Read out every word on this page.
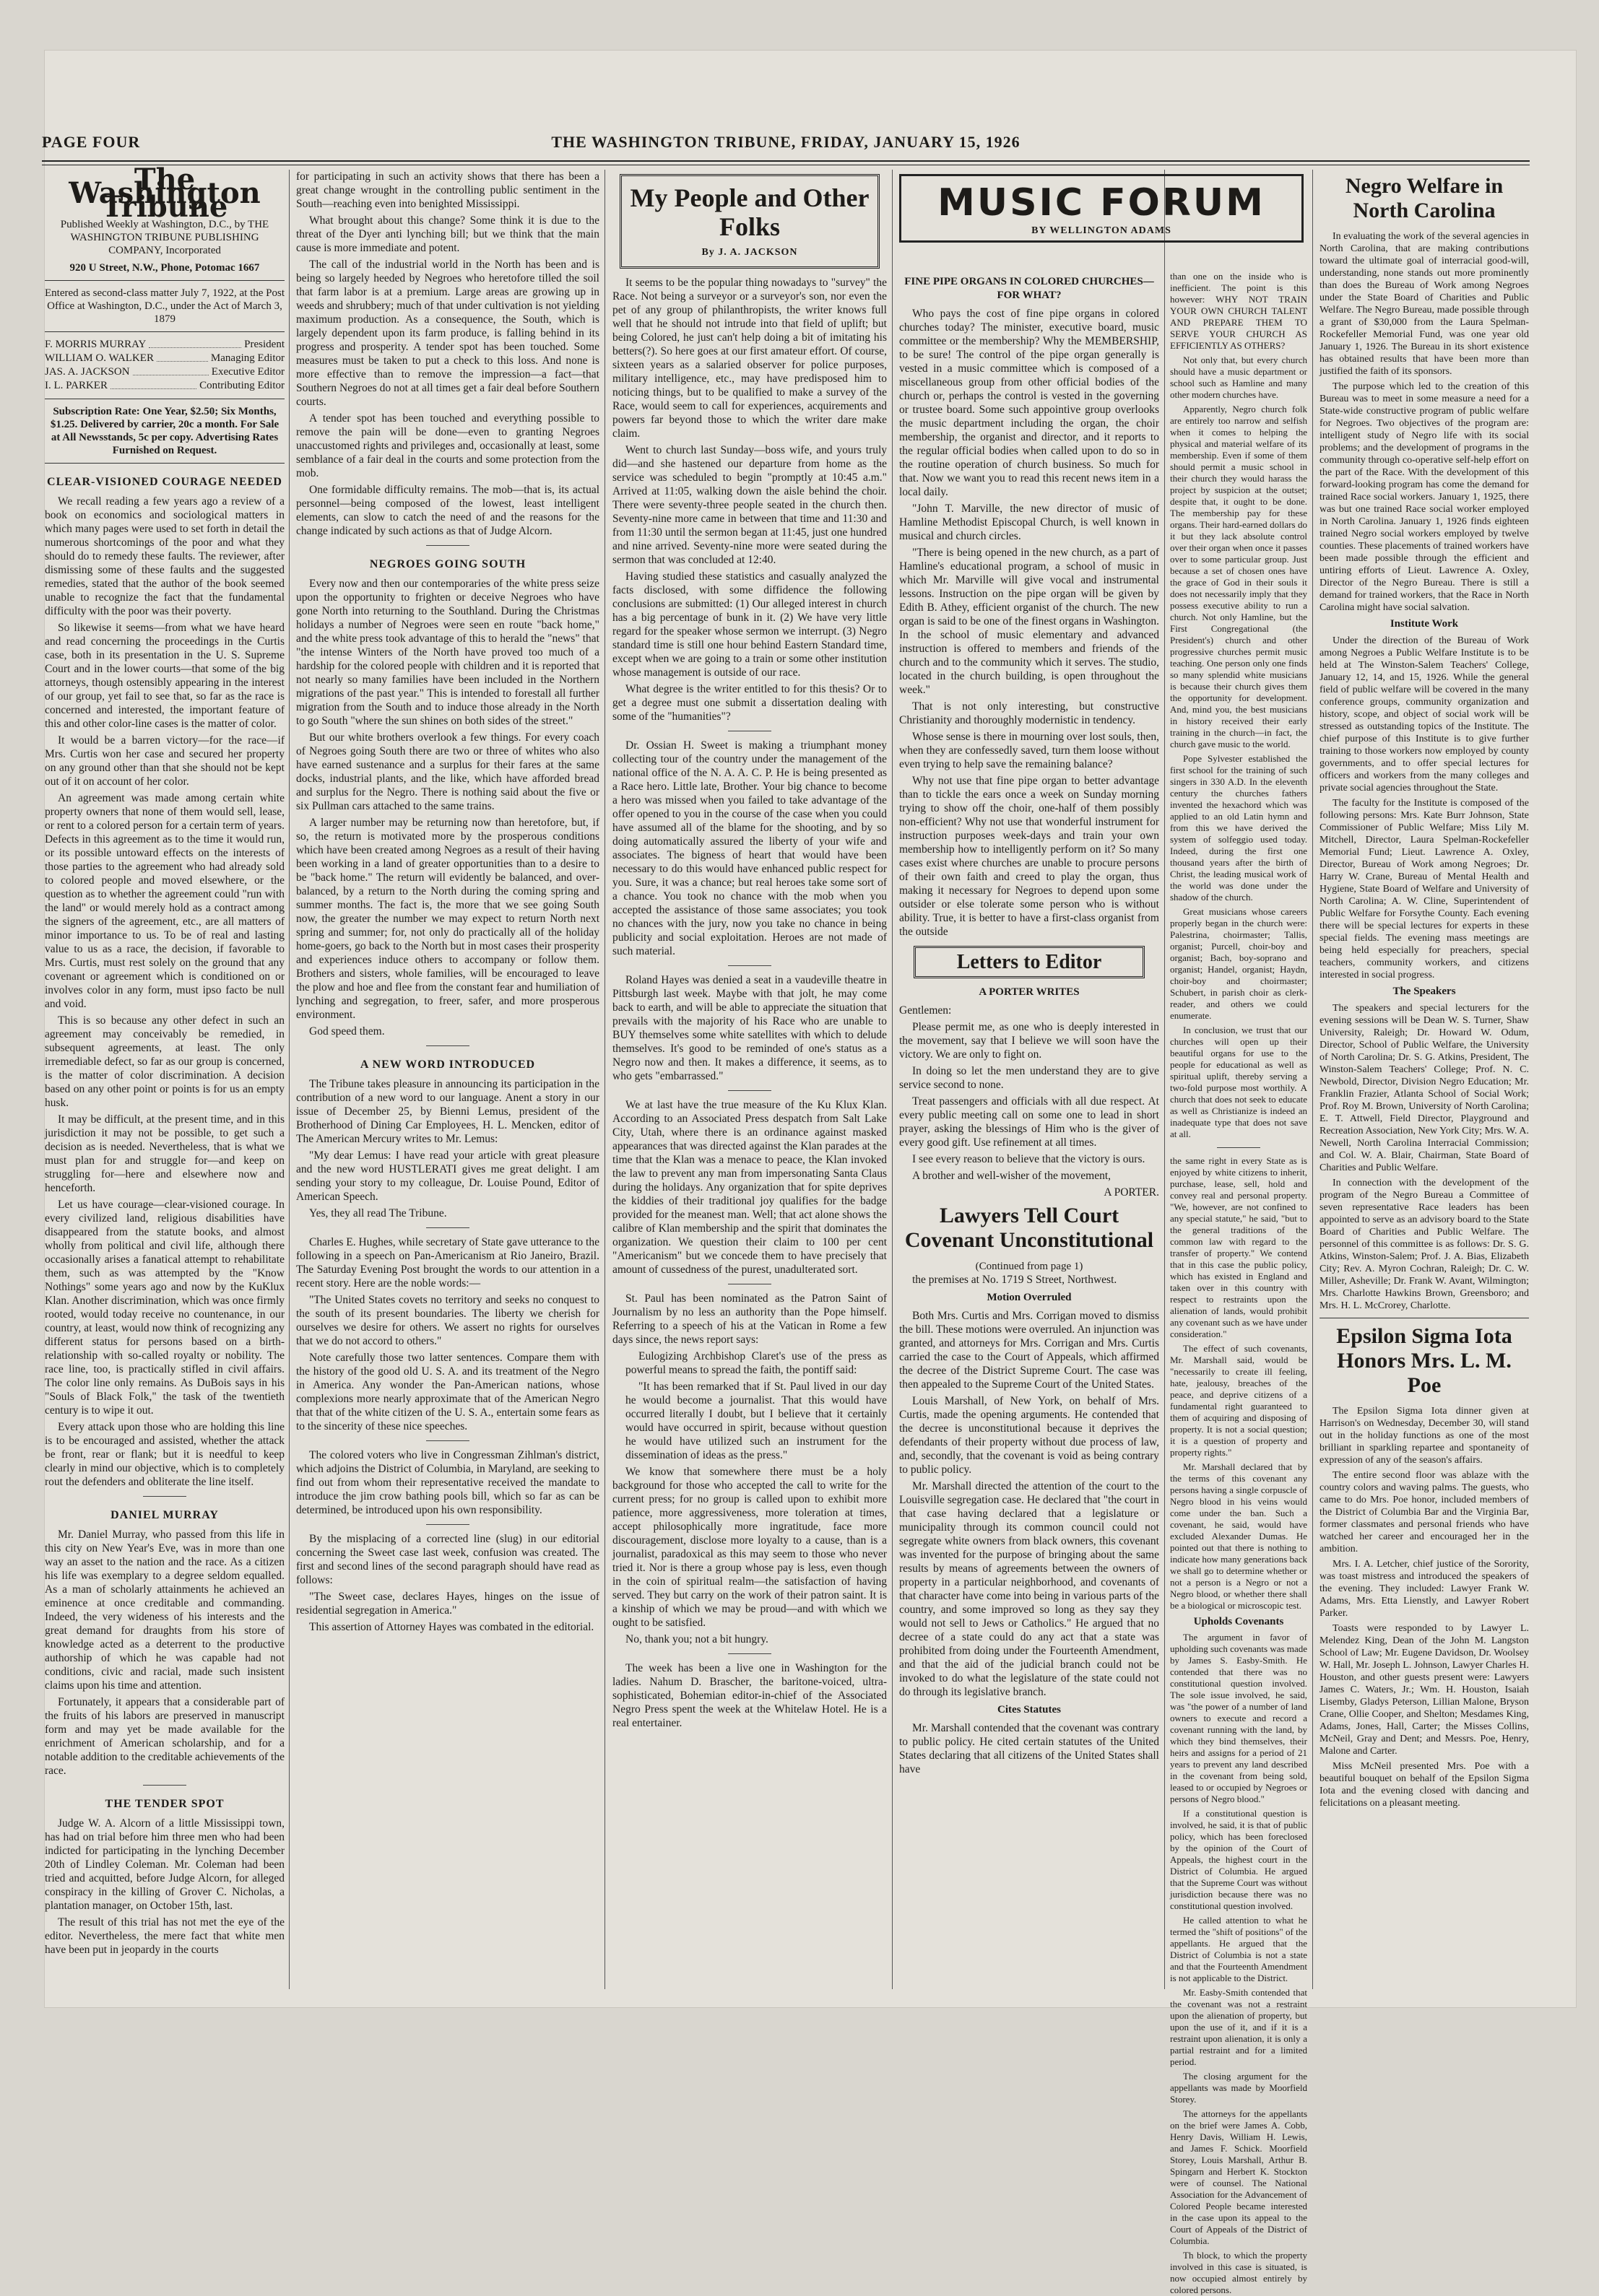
PAGE FOUR	THE WASHINGTON TRIBUNE, FRIDAY, JANUARY 15, 1926
The Washington Tribune
Published Weekly at Washington, D.C., by THE WASHINGTON TRIBUNE PUBLISHING COMPANY, Incorporated
920 U Street, N.W., Phone, Potomac 1667
Entered as second-class matter July 7, 1922, at the Post Office at Washington, D.C., under the Act of March 3, 1879
F. MORRIS MURRAY	President
WILLIAM O. WALKER	Managing Editor
JAS. A. JACKSON	Executive Editor
I. L. PARKER	Contributing Editor
Subscription Rate: One Year, $2.50; Six Months, $1.25. Delivered by carrier, 20c a month. For Sale at All Newsstands, 5c per copy. Advertising Rates Furnished on Request.
CLEAR-VISIONED COURAGE NEEDED

We recall reading a few years ago a review of a book on economics and sociological matters in which many pages were used to set forth in detail the numerous shortcomings of the poor and what they should do to remedy these faults. The reviewer, after dismissing some of these faults and the suggested remedies, stated that the author of the book seemed unable to recognize the fact that the fundamental difficulty with the poor was their poverty.

So likewise it seems—from what we have heard and read concerning the proceedings in the Curtis case, both in its presentation in the U. S. Supreme Court and in the lower courts—that some of the big attorneys, though ostensibly appearing in the interest of our group, yet fail to see that, so far as the race is concerned and interested, the important feature of this and other color-line cases is the matter of color.

It would be a barren victory—for the race—if Mrs. Curtis won her case and secured her property on any ground other than that she should not be kept out of it on account of her color.

An agreement was made among certain white property owners that none of them would sell, lease, or rent to a colored person for a certain term of years. Defects in this agreement as to the time it would run, or its possible untoward effects on the interests of those parties to the agreement who had already sold to colored people and moved elsewhere, or the question as to whether the agreement could "run with the land" or would merely hold as a contract among the signers of the agreement, etc., are all matters of minor importance to us. To be of real and lasting value to us as a race, the decision, if favorable to Mrs. Curtis, must rest solely on the ground that any covenant or agreement which is conditioned on or involves color in any form, must ipso facto be null and void.

This is so because any other defect in such an agreement may conceivably be remedied, in subsequent agreements, at least. The only irremediable defect, so far as our group is concerned, is the matter of color discrimination. A decision based on any other point or points is for us an empty husk.

It may be difficult, at the present time, and in this jurisdiction it may not be possible, to get such a decision as is needed. Nevertheless, that is what we must plan for and struggle for—and keep on struggling for—here and elsewhere now and henceforth.

Let us have courage—clear-visioned courage. In every civilized land, religious disabilities have disappeared from the statute books, and almost wholly from political and civil life, although there occasionally arises a fanatical attempt to rehabilitate them, such as was attempted by the "Know Nothings" some years ago and now by the KuKlux Klan. Another discrimination, which was once firmly rooted, would today receive no countenance, in our country, at least, would now think of recognizing any different status for persons based on a birth-relationship with so-called royalty or nobility. The race line, too, is practically stifled in civil affairs. The color line only remains. As DuBois says in his "Souls of Black Folk," the task of the twentieth century is to wipe it out.

Every attack upon those who are holding this line is to be encouraged and assisted, whether the attack be front, rear or flank; but it is needful to keep clearly in mind our objective, which is to completely rout the defenders and obliterate the line itself.

DANIEL MURRAY

Mr. Daniel Murray, who passed from this life in this city on New Year's Eve, was in more than one way an asset to the nation and the race. As a citizen his life was exemplary to a degree seldom equalled. As a man of scholarly attainments he achieved an eminence at once creditable and commanding. Indeed, the very wideness of his interests and the great demand for draughts from his store of knowledge acted as a deterrent to the productive authorship of which he was capable had not conditions, civic and racial, made such insistent claims upon his time and attention.

Fortunately, it appears that a considerable part of the fruits of his labors are preserved in manuscript form and may yet be made available for the enrichment of American scholarship, and for a notable addition to the creditable achievements of the race.

THE TENDER SPOT

Judge W. A. Alcorn of a little Mississippi town, has had on trial before him three men who had been indicted for participating in the lynching December 20th of Lindley Coleman. Mr. Coleman had been tried and acquitted, before Judge Alcorn, for alleged conspiracy in the killing of Grover C. Nicholas, a plantation manager, on October 15th, last.

The result of this trial has not met the eye of the editor. Nevertheless, the mere fact that white men have been put in jeopardy in the courts

for participating in such an activity shows that there has been a great change wrought in the controlling public sentiment in the South—reaching even into benighted Mississippi.

What brought about this change? Some think it is due to the threat of the Dyer anti lynching bill; but we think that the main cause is more immediate and potent.

The call of the industrial world in the North has been and is being so largely heeded by Negroes who heretofore tilled the soil that farm labor is at a premium. Large areas are growing up in weeds and shrubbery; much of that under cultivation is not yielding maximum production. As a consequence, the South, which is largely dependent upon its farm produce, is falling behind in its progress and prosperity. A tender spot has been touched. Some measures must be taken to put a check to this loss. And none is more effective than to remove the impression—a fact—that Southern Negroes do not at all times get a fair deal before Southern courts.

A tender spot has been touched and everything possible to remove the pain will be done—even to granting Negroes unaccustomed rights and privileges and, occasionally at least, some semblance of a fair deal in the courts and some protection from the mob.

One formidable difficulty remains. The mob—that is, its actual personnel—being composed of the lowest, least intelligent elements, can slow to catch the need of and the reasons for the change indicated by such actions as that of Judge Alcorn.

NEGROES GOING SOUTH

Every now and then our contemporaries of the white press seize upon the opportunity to frighten or deceive Negroes who have gone North into returning to the Southland. During the Christmas holidays a number of Negroes were seen en route "back home," and the white press took advantage of this to herald the "news" that "the intense Winters of the North have proved too much of a hardship for the colored people with children and it is reported that not nearly so many families have been included in the Northern migrations of the past year." This is intended to forestall all further migration from the South and to induce those already in the North to go South "where the sun shines on both sides of the street."

But our white brothers overlook a few things. For every coach of Negroes going South there are two or three of whites who also have earned sustenance and a surplus for their fares at the same docks, industrial plants, and the like, which have afforded bread and surplus for the Negro. There is nothing said about the five or six Pullman cars attached to the same trains.

A larger number may be returning now than heretofore, but, if so, the return is motivated more by the prosperous conditions which have been created among Negroes as a result of their having been working in a land of greater opportunities than to a desire to be "back home." The return will evidently be balanced, and over-balanced, by a return to the North during the coming spring and summer months. The fact is, the more that we see going South now, the greater the number we may expect to return North next spring and summer; for, not only do practically all of the holiday home-goers, go back to the North but in most cases their prosperity and experiences induce others to accompany or follow them. Brothers and sisters, whole families, will be encouraged to leave the plow and hoe and flee from the constant fear and humiliation of lynching and segregation, to freer, safer, and more prosperous environment.

God speed them.

A NEW WORD INTRODUCED

The Tribune takes pleasure in announcing its participation in the contribution of a new word to our language. Anent a story in our issue of December 25, by Bienni Lemus, president of the Brotherhood of Dining Car Employees, H. L. Mencken, editor of The American Mercury writes to Mr. Lemus:

"My dear Lemus: I have read your article with great pleasure and the new word HUSTLERATI gives me great delight. I am sending your story to my colleague, Dr. Louise Pound, Editor of American Speech.

Yes, they all read The Tribune.

Charles E. Hughes, while secretary of State gave utterance to the following in a speech on Pan-Americanism at Rio Janeiro, Brazil. The Saturday Evening Post brought the words to our attention in a recent story. Here are the noble words:—

"The United States covets no territory and seeks no conquest to the south of its present boundaries. The liberty we cherish for ourselves we desire for others. We assert no rights for ourselves that we do not accord to others."

Note carefully those two latter sentences. Compare them with the history of the good old U. S. A. and its treatment of the Negro in America. Any wonder the Pan-American nations, whose complexions more nearly approximate that of the American Negro that that of the white citizen of the U. S. A., entertain some fears as to the sincerity of these nice speeches.

The colored voters who live in Congressman Zihlman's district, which adjoins the District of Columbia, in Maryland, are seeking to find out from whom their representative received the mandate to introduce the jim crow bathing pools bill, which so far as can be determined, be introduced upon his own responsibility.

By the misplacing of a corrected line (slug) in our editorial concerning the Sweet case last week, confusion was created. The first and second lines of the second paragraph should have read as follows:

"The Sweet case, declares Hayes, hinges on the issue of residential segregation in America."

This assertion of Attorney Hayes was combated in the editorial.

My People and Other Folks
By J. A. JACKSON

It seems to be the popular thing nowadays to "survey" the Race. Not being a surveyor or a surveyor's son, nor even the pet of any group of philanthropists, the writer knows full well that he should not intrude into that field of uplift; but being Colored, he just can't help doing a bit of imitating his betters(?). So here goes at our first amateur effort. Of course, sixteen years as a salaried observer for police purposes, military intelligence, etc., may have predisposed him to noticing things, but to be qualified to make a survey of the Race, would seem to call for experiences, acquirements and powers far beyond those to which the writer dare make claim.

Went to church last Sunday—boss wife, and yours truly did—and she hastened our departure from home as the service was scheduled to begin "promptly at 10:45 a.m." Arrived at 11:05, walking down the aisle behind the choir. There were seventy-three people seated in the church then. Seventy-nine more came in between that time and 11:30 and from 11:30 until the sermon began at 11:45, just one hundred and nine arrived. Seventy-nine more were seated during the sermon that was concluded at 12:40.

Having studied these statistics and casually analyzed the facts disclosed, with some diffidence the following conclusions are submitted: (1) Our alleged interest in church has a big percentage of bunk in it. (2) We have very little regard for the speaker whose sermon we interrupt. (3) Negro standard time is still one hour behind Eastern Standard time, except when we are going to a train or some other institution whose management is outside of our race.

What degree is the writer entitled to for this thesis? Or to get a degree must one submit a dissertation dealing with some of the "humanities"?

Dr. Ossian H. Sweet is making a triumphant money collecting tour of the country under the management of the national office of the N. A. A. C. P. He is being presented as a Race hero. Little late, Brother. Your big chance to become a hero was missed when you failed to take advantage of the offer opened to you in the course of the case when you could have assumed all of the blame for the shooting, and by so doing automatically assured the liberty of your wife and associates. The bigness of heart that would have been necessary to do this would have enhanced public respect for you. Sure, it was a chance; but real heroes take some sort of a chance. You took no chance with the mob when you accepted the assistance of those same associates; you took no chances with the jury, now you take no chance in being publicity and social exploitation. Heroes are not made of such material.

Roland Hayes was denied a seat in a vaudeville theatre in Pittsburgh last week. Maybe with that jolt, he may come back to earth, and will be able to appreciate the situation that prevails with the majority of his Race who are unable to BUY themselves some white satellites with which to delude themselves. It's good to be reminded of one's status as a Negro now and then. It makes a difference, it seems, as to who gets "embarrassed."

We at last have the true measure of the Ku Klux Klan. According to an Associated Press despatch from Salt Lake City, Utah, where there is an ordinance against masked appearances that was directed against the Klan parades at the time that the Klan was a menace to peace, the Klan invoked the law to prevent any man from impersonating Santa Claus during the holidays. Any organization that for spite deprives the kiddies of their traditional joy qualifies for the badge provided for the meanest man. Well; that act alone shows the calibre of Klan membership and the spirit that dominates the organization. We question their claim to 100 per cent "Americanism" but we concede them to have precisely that amount of cussedness of the purest, unadulterated sort.

St. Paul has been nominated as the Patron Saint of Journalism by no less an authority than the Pope himself. Referring to a speech of his at the Vatican in Rome a few days since, the news report says:

Eulogizing Archbishop Claret's use of the press as powerful means to spread the faith, the pontiff said:

"It has been remarked that if St. Paul lived in our day he would become a journalist. That this would have occurred literally I doubt, but I believe that it certainly would have occurred in spirit, because without question he would have utilized such an instrument for the dissemination of ideas as the press."

We know that somewhere there must be a holy background for those who accepted the call to write for the current press; for no group is called upon to exhibit more patience, more aggressiveness, more toleration at times, accept philosophically more ingratitude, face more discouragement, disclose more loyalty to a cause, than is a journalist, paradoxical as this may seem to those who never tried it. Nor is there a group whose pay is less, even though in the coin of spiritual realm—the satisfaction of having served. They but carry on the work of their patron saint. It is a kinship of which we may be proud—and with which we ought to be satisfied.

No, thank you; not a bit hungry.

The week has been a live one in Washington for the ladies. Nahum D. Brascher, the baritone-voiced, ultra-sophisticated, Bohemian editor-in-chief of the Associated Negro Press spent the week at the Whitelaw Hotel. He is a real entertainer.

MUSIC FORUM
BY WELLINGTON ADAMS
FINE PIPE ORGANS IN COLORED CHURCHES—FOR WHAT?

Who pays the cost of fine pipe organs in colored churches today? The minister, executive board, music committee or the membership? Why the MEMBERSHIP, to be sure! The control of the pipe organ generally is vested in a music committee which is composed of a miscellaneous group from other official bodies of the church or, perhaps the control is vested in the governing or trustee board. Some such appointive group overlooks the music department including the organ, the choir membership, the organist and director, and it reports to the regular official bodies when called upon to do so in the routine operation of church business. So much for that. Now we want you to read this recent news item in a local daily.

"John T. Marville, the new director of music of Hamline Methodist Episcopal Church, is well known in musical and church circles.

"There is being opened in the new church, as a part of Hamline's educational program, a school of music in which Mr. Marville will give vocal and instrumental lessons. Instruction on the pipe organ will be given by Edith B. Athey, efficient organist of the church. The new organ is said to be one of the finest organs in Washington. In the school of music elementary and advanced instruction is offered to members and friends of the church and to the community which it serves. The studio, located in the church building, is open throughout the week."

That is not only interesting, but constructive Christianity and thoroughly modernistic in tendency.

Whose sense is there in mourning over lost souls, then, when they are confessedly saved, turn them loose without even trying to help save the remaining balance?

Why not use that fine pipe organ to better advantage than to tickle the ears once a week on Sunday morning trying to show off the choir, one-half of them possibly non-efficient? Why not use that wonderful instrument for instruction purposes week-days and train your own membership how to intelligently perform on it? So many cases exist where churches are unable to procure persons of their own faith and creed to play the organ, thus making it necessary for Negroes to depend upon some outsider or else tolerate some person who is without ability. True, it is better to have a first-class organist from the outside

Letters to Editor
A PORTER WRITES

Gentlemen:

Please permit me, as one who is deeply interested in the movement, say that I believe we will soon have the victory. We are only to fight on.

In doing so let the men understand they are to give service second to none.

Treat passengers and officials with all due respect. At every public meeting call on some one to lead in short prayer, asking the blessings of Him who is the giver of every good gift. Use refinement at all times.

I see every reason to believe that the victory is ours.

A brother and well-wisher of the movement,

A PORTER.

Lawyers Tell Court Covenant Unconstitutional
(Continued from page 1)

the premises at No. 1719 S Street, Northwest.

Motion Overruled

Both Mrs. Curtis and Mrs. Corrigan moved to dismiss the bill. These motions were overruled. An injunction was granted, and attorneys for Mrs. Corrigan and Mrs. Curtis carried the case to the Court of Appeals, which affirmed the decree of the District Supreme Court. The case was then appealed to the Supreme Court of the United States.

Louis Marshall, of New York, on behalf of Mrs. Curtis, made the opening arguments. He contended that the decree is unconstitutional because it deprives the defendants of their property without due process of law, and, secondly, that the covenant is void as being contrary to public policy.

Mr. Marshall directed the attention of the court to the Louisville segregation case. He declared that "the court in that case having declared that a legislature or municipality through its common council could not segregate white owners from black owners, this covenant was invented for the purpose of bringing about the same results by means of agreements between the owners of property in a particular neighborhood, and covenants of that character have come into being in various parts of the country, and some improved so long as they say they would not sell to Jews or Catholics." He argued that no decree of a state could do any act that a state was prohibited from doing under the Fourteenth Amendment, and that the aid of the judicial branch could not be invoked to do what the legislature of the state could not do through its legislative branch.

Cites Statutes

Mr. Marshall contended that the covenant was contrary to public policy. He cited certain statutes of the United States declaring that all citizens of the United States shall have

than one on the inside who is inefficient. The point is this however: WHY NOT TRAIN YOUR OWN CHURCH TALENT AND PREPARE THEM TO SERVE YOUR CHURCH AS EFFICIENTLY AS OTHERS?

Not only that, but every church should have a music department or school such as Hamline and many other modern churches have.

Apparently, Negro church folk are entirely too narrow and selfish when it comes to helping the physical and material welfare of its membership. Even if some of them should permit a music school in their church they would harass the project by suspicion at the outset; despite that, it ought to be done. The membership pay for these organs. Their hard-earned dollars do it but they lack absolute control over their organ when once it passes over to some particular group. Just because a set of chosen ones have the grace of God in their souls it does not necessarily imply that they possess executive ability to run a church. Not only Hamline, but the First Congregational (the President's) church and other progressive churches permit music teaching. One person only one finds so many splendid white musicians is because their church gives them the opportunity for development. And, mind you, the best musicians in history received their early training in the church—in fact, the church gave music to the world.

Pope Sylvester established the first school for the training of such singers in 330 A.D. In the eleventh century the churches fathers invented the hexachord which was applied to an old Latin hymn and from this we have derived the system of solfeggio used today. Indeed, during the first one thousand years after the birth of Christ, the leading musical work of the world was done under the shadow of the church.

Great musicians whose careers properly began in the church were: Palestrina, choirmaster; Tallis, organist; Purcell, choir-boy and organist; Bach, boy-soprano and organist; Handel, organist; Haydn, choir-boy and choirmaster; Schubert, in parish choir as clerk-reader, and others we could enumerate.

In conclusion, we trust that our churches will open up their beautiful organs for use to the people for educational as well as spiritual uplift, thereby serving a two-fold purpose most worthily. A church that does not seek to educate as well as Christianize is indeed an inadequate type that does not save at all.

the same right in every State as is enjoyed by white citizens to inherit, purchase, lease, sell, hold and convey real and personal property. "We, however, are not confined to any special statute," he said, "but to the general traditions of the common law with regard to the transfer of property." We contend that in this case the public policy, which has existed in England and taken over in this country with respect to restraints upon the alienation of lands, would prohibit any covenant such as we have under consideration."

The effect of such covenants, Mr. Marshall said, would be "necessarily to create ill feeling, hate, jealousy, breaches of the peace, and deprive citizens of a fundamental right guaranteed to them of acquiring and disposing of property. It is not a social question; it is a question of property and property rights."

Mr. Marshall declared that by the terms of this covenant any persons having a single corpuscle of Negro blood in his veins would come under the ban. Such a covenant, he said, would have excluded Alexander Dumas. He pointed out that there is nothing to indicate how many generations back we shall go to determine whether or not a person is a Negro or not a Negro blood, or whether there shall be a biological or microscopic test.

Upholds Covenants

The argument in favor of upholding such covenants was made by James S. Easby-Smith. He contended that there was no constitutional question involved. The sole issue involved, he said, was "the power of a number of land owners to execute and record a covenant running with the land, by which they bind themselves, their heirs and assigns for a period of 21 years to prevent any land described in the covenant from being sold, leased to or occupied by Negroes or persons of Negro blood."

If a constitutional question is involved, he said, it is that of public policy, which has been foreclosed by the opinion of the Court of Appeals, the highest court in the District of Columbia. He argued that the Supreme Court was without jurisdiction because there was no constitutional question involved.

He called attention to what he termed the "shift of positions" of the appellants. He argued that the District of Columbia is not a state and that the Fourteenth Amendment is not applicable to the District.

Mr. Easby-Smith contended that the covenant was not a restraint upon the alienation of property, but upon the use of it, and if it is a restraint upon alienation, it is only a partial restraint and for a limited period.

The closing argument for the appellants was made by Moorfield Storey.

The attorneys for the appellants on the brief were James A. Cobb, Henry Davis, William H. Lewis, and James F. Schick. Moorfield Storey, Louis Marshall, Arthur B. Spingarn and Herbert K. Stockton were of counsel. The National Association for the Advancement of Colored People became interested in the case upon its appeal to the Court of Appeals of the District of Columbia.

Th block, to which the property involved in this case is situated, is now occupied almost entirely by colored persons.

Negro Welfare in North Carolina

In evaluating the work of the several agencies in North Carolina, that are making contributions toward the ultimate goal of interracial good-will, understanding, none stands out more prominently than does the Bureau of Work among Negroes under the State Board of Charities and Public Welfare. The Negro Bureau, made possible through a grant of $30,000 from the Laura Spelman-Rockefeller Memorial Fund, was one year old January 1, 1926. The Bureau in its short existence has obtained results that have been more than justified the faith of its sponsors.

The purpose which led to the creation of this Bureau was to meet in some measure a need for a State-wide constructive program of public welfare for Negroes. Two objectives of the program are: intelligent study of Negro life with its social problems; and the development of programs in the community through co-operative self-help effort on the part of the Race. With the development of this forward-looking program has come the demand for trained Race social workers. January 1, 1925, there was but one trained Race social worker employed in North Carolina. January 1, 1926 finds eighteen trained Negro social workers employed by twelve counties. These placements of trained workers have been made possible through the efficient and untiring efforts of Lieut. Lawrence A. Oxley, Director of the Negro Bureau. There is still a demand for trained workers, that the Race in North Carolina might have social salvation.

Institute Work

Under the direction of the Bureau of Work among Negroes a Public Welfare Institute is to be held at The Winston-Salem Teachers' College, January 12, 14, and 15, 1926. While the general field of public welfare will be covered in the many conference groups, community organization and history, scope, and object of social work will be stressed as outstanding topics of the Institute. The chief purpose of this Institute is to give further training to those workers now employed by county governments, and to offer special lectures for officers and workers from the many colleges and private social agencies throughout the State.

The faculty for the Institute is composed of the following persons: Mrs. Kate Burr Johnson, State Commissioner of Public Welfare; Miss Lily M. Mitchell, Director, Laura Spelman-Rockefeller Memorial Fund; Lieut. Lawrence A. Oxley, Director, Bureau of Work among Negroes; Dr. Harry W. Crane, Bureau of Mental Health and Hygiene, State Board of Welfare and University of North Carolina; A. W. Cline, Superintendent of Public Welfare for Forsythe County. Each evening there will be special lectures for experts in these special fields. The evening mass meetings are being held especially for preachers, special teachers, community workers, and citizens interested in social progress.

The Speakers

The speakers and special lecturers for the evening sessions will be Dean W. S. Turner, Shaw University, Raleigh; Dr. Howard W. Odum, Director, School of Public Welfare, the University of North Carolina; Dr. S. G. Atkins, President, The Winston-Salem Teachers' College; Prof. N. C. Newbold, Director, Division Negro Education; Mr. Franklin Frazier, Atlanta School of Social Work; Prof. Roy M. Brown, University of North Carolina; E. T. Attwell, Field Director, Playground and Recreation Association, New York City; Mrs. W. A. Newell, North Carolina Interracial Commission; and Col. W. A. Blair, Chairman, State Board of Charities and Public Welfare.

In connection with the development of the program of the Negro Bureau a Committee of seven representative Race leaders has been appointed to serve as an advisory board to the State Board of Charities and Public Welfare. The personnel of this committee is as follows: Dr. S. G. Atkins, Winston-Salem; Prof. J. A. Bias, Elizabeth City; Rev. A. Myron Cochran, Raleigh; Dr. C. W. Miller, Asheville; Dr. Frank W. Avant, Wilmington; Mrs. Charlotte Hawkins Brown, Greensboro; and Mrs. H. L. McCrorey, Charlotte.

Epsilon Sigma Iota Honors Mrs. L. M. Poe

The Epsilon Sigma Iota dinner given at Harrison's on Wednesday, December 30, will stand out in the holiday functions as one of the most brilliant in sparkling repartee and spontaneity of expression of any of the season's affairs.

The entire second floor was ablaze with the country colors and waving palms. The guests, who came to do Mrs. Poe honor, included members of the District of Columbia Bar and the Virginia Bar, former classmates and personal friends who have watched her career and encouraged her in the ambition.

Mrs. I. A. Letcher, chief justice of the Sorority, was toast mistress and introduced the speakers of the evening. They included: Lawyer Frank W. Adams, Mrs. Etta Lienstly, and Lawyer Robert Parker.

Toasts were responded to by Lawyer L. Melendez King, Dean of the John M. Langston School of Law; Mr. Eugene Davidson, Dr. Woolsey W. Hall, Mr. Joseph L. Johnson, Lawyer Charles H. Houston, and other guests present were: Lawyers James C. Waters, Jr.; Wm. H. Houston, Isaiah Lisemby, Gladys Peterson, Lillian Malone, Bryson Crane, Ollie Cooper, and Shelton; Mesdames King, Adams, Jones, Hall, Carter; the Misses Collins, McNeil, Gray and Dent; and Messrs. Poe, Henry, Malone and Carter.

Miss McNeil presented Mrs. Poe with a beautiful bouquet on behalf of the Epsilon Sigma Iota and the evening closed with dancing and felicitations on a pleasant meeting.
